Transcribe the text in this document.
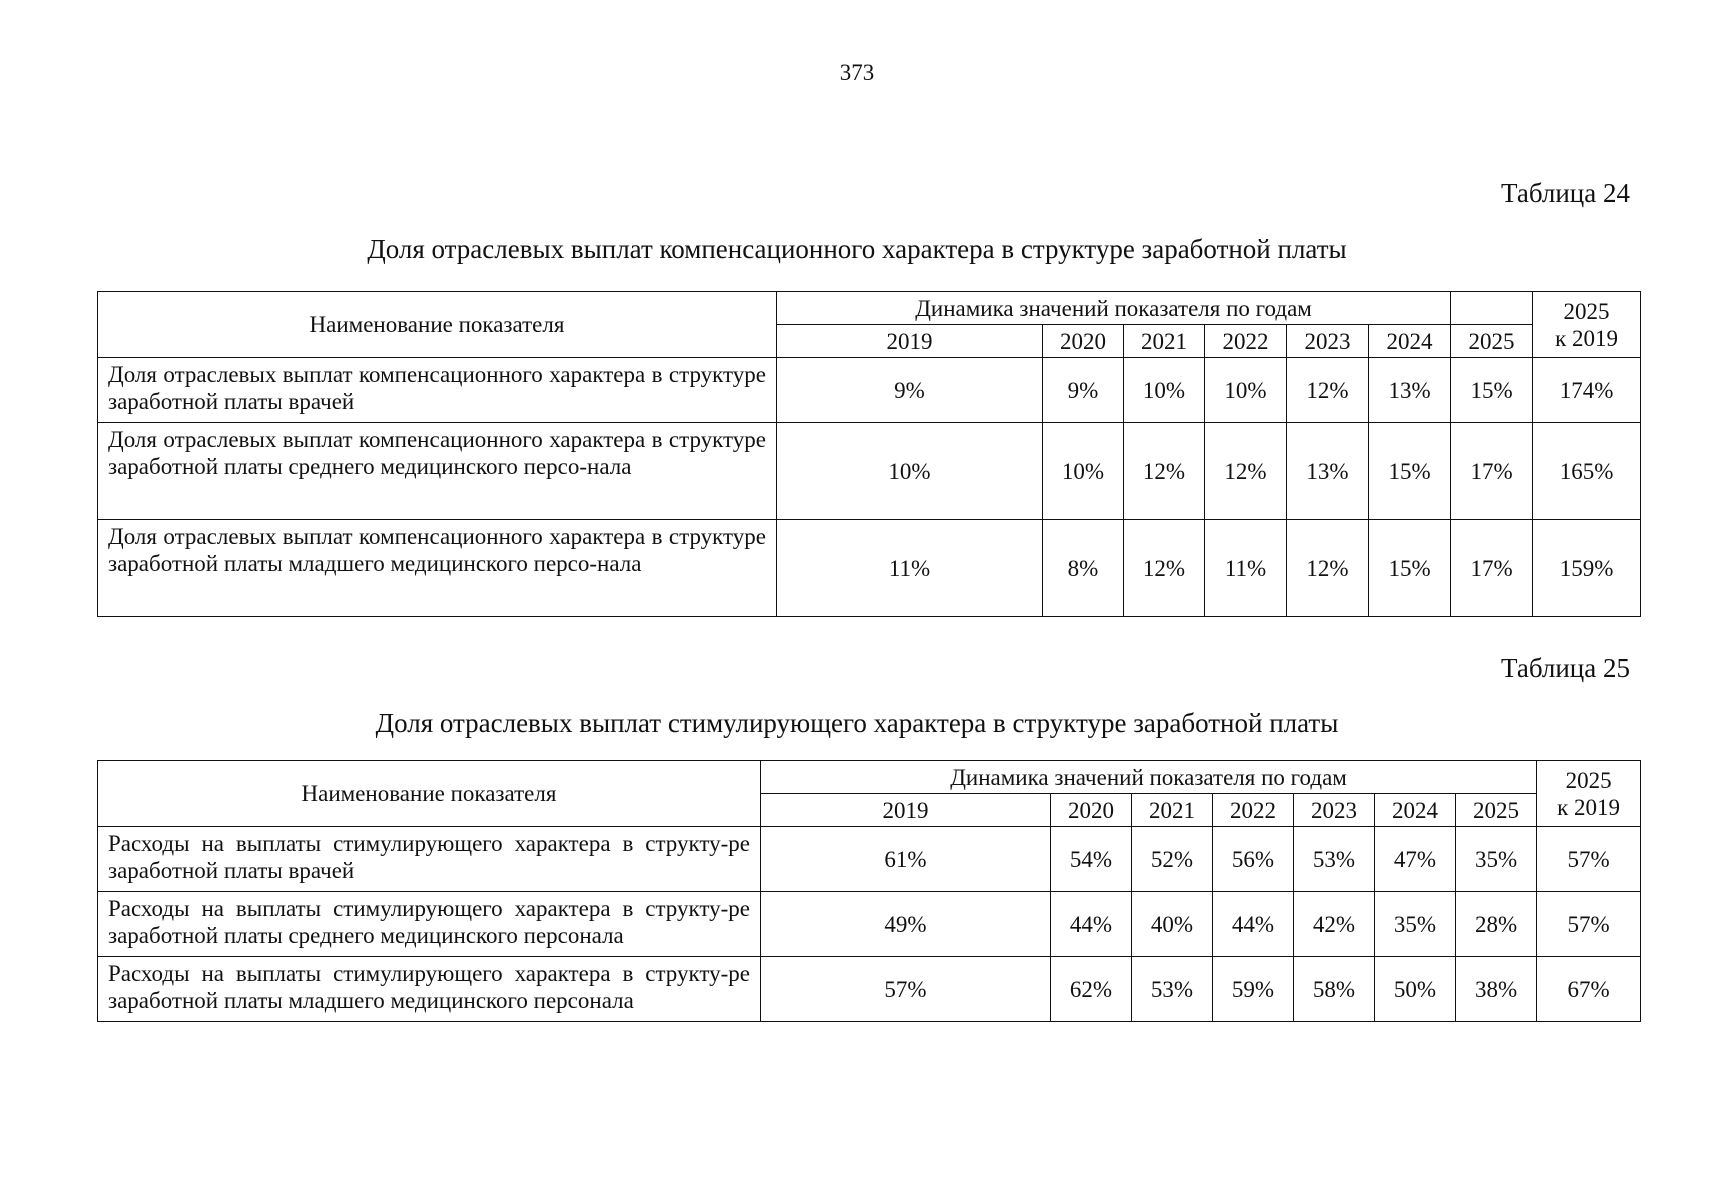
373
Таблица 24
Доля отраслевых выплат компенсационного характера в структуре заработной платы
Наименование показателя	Динамика значений показателя по годам							2025
к 2019

	2019	2020	2021	2022	2023	2024	2025	
Доля отраслевых выплат компенсационного характера в структуре заработной платы врачей	9%	9%	10%	10%	12%	13%	15%	174%
Доля отраслевых выплат компенсационного характера в структуре заработной платы среднего медицинского персо-нала	10%	10%	12%	12%	13%	15%	17%	165%
Доля отраслевых выплат компенсационного характера в структуре заработной платы младшего медицинского персо-нала	11%	8%	12%	11%	12%	15%	17%	159%
Таблица 25
Доля отраслевых выплат стимулирующего характера в структуре заработной платы
Наименование показателя	Динамика значений показателя по годам							2025
к 2019

	2019	2020	2021	2022	2023	2024	2025	
Расходы на выплаты стимулирующего характера в структу-ре заработной платы врачей	61%	54%	52%	56%	53%	47%	35%	57%
Расходы на выплаты стимулирующего характера в структу-ре заработной платы среднего медицинского персонала	49%	44%	40%	44%	42%	35%	28%	57%
Расходы на выплаты стимулирующего характера в структу-ре заработной платы младшего медицинского персонала	57%	62%	53%	59%	58%	50%	38%	67%
